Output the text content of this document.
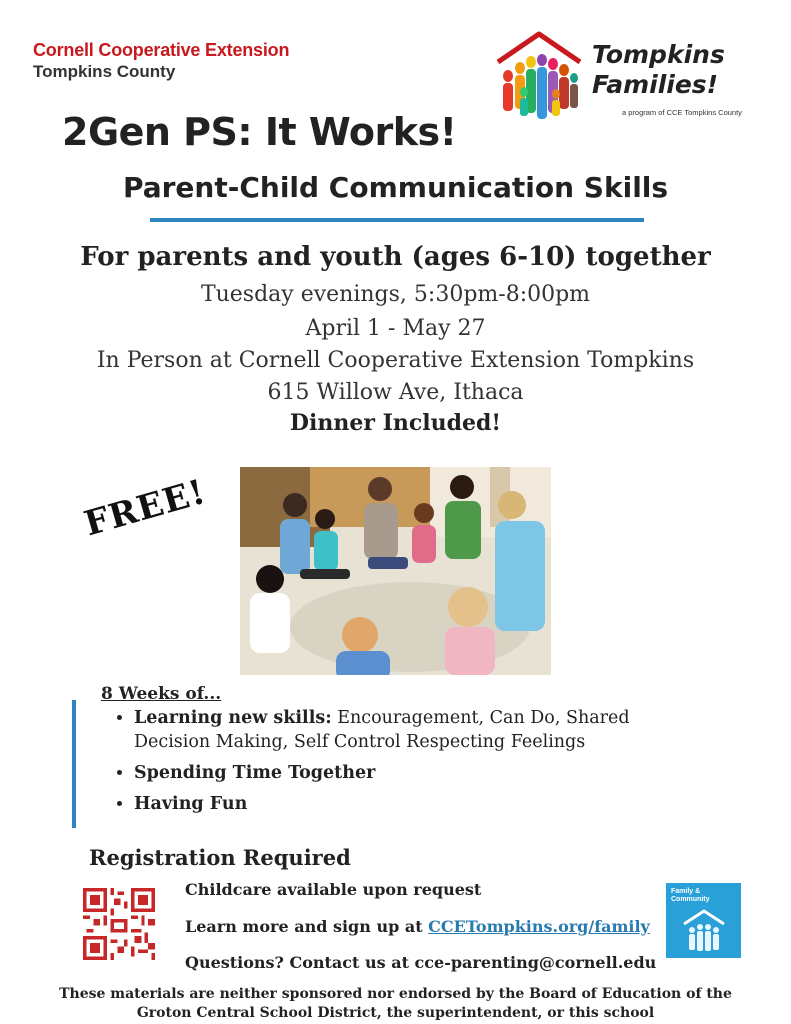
Cornell Cooperative Extension
Tompkins County
Tompkins
Families!
a program of CCE Tompkins County
2Gen PS: It Works!
Parent-Child Communication Skills
For parents and youth (ages 6-10) together
Tuesday evenings, 5:30pm-8:00pm
April 1 - May 27
In Person at Cornell Cooperative Extension Tompkins
615 Willow Ave, Ithaca
Dinner Included!
FREE!
8 Weeks of...
• Learning new skills: Encouragement, Can Do, Shared Decision Making, Self Control Respecting Feelings
• Spending Time Together
• Having Fun
Registration Required
Childcare available upon request
Learn more and sign up at CCETompkins.org/family
Questions? Contact us at cce-parenting@cornell.edu
Family & Community
These materials are neither sponsored nor endorsed by the Board of Education of the
Groton Central School District, the superintendent, or this school
